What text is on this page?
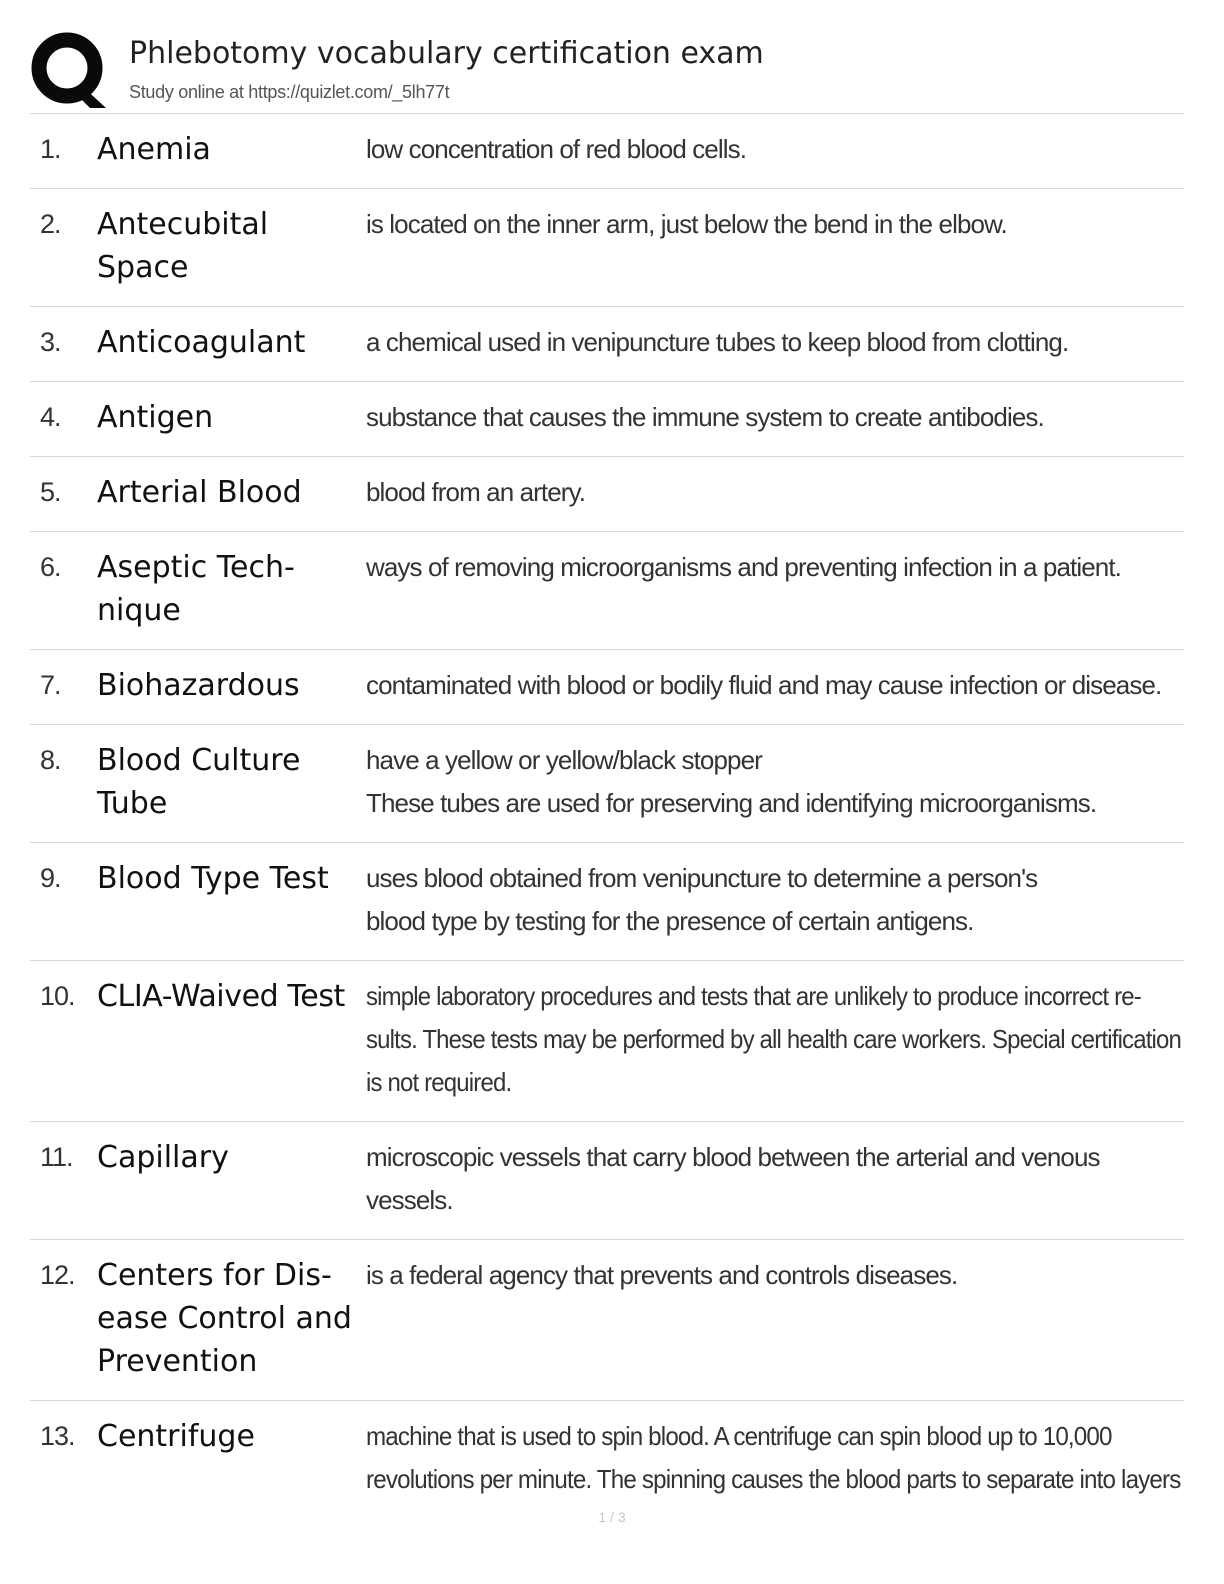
Phlebotomy vocabulary certification exam
Study online at https://quizlet.com/_5lh77t
1. Anemia	low concentration of red blood cells.
2. Antecubital Space
is located on the inner arm, just below the bend in the elbow.
3. Anticoagulant	a chemical used in venipuncture tubes to keep blood from clotting.
4. Antigen	substance that causes the immune system to create antibodies.
5. Arterial Blood	blood from an artery.
6. Aseptic Tech-nique
ways of removing microorganisms and preventing infection in a patient.
7. Biohazardous	contaminated with blood or bodily fluid and may cause infection or disease.
8. Blood Culture Tube
have a yellow or yellow/black stopper
These tubes are used for preserving and identifying microorganisms.
9. Blood Type Test	uses blood obtained from venipuncture to determine a person's
blood type by testing for the presence of certain antigens.
10. CLIA-Waived Test simple laboratory procedures and tests that are unlikely to produce incorrect re-
sults. These tests may be performed by all health care workers. Special certification
is not required.
11. Capillary	microscopic vessels that carry blood between the arterial and venous
vessels.
12. Centers for Dis-ease Control and Prevention
is a federal agency that prevents and controls diseases.
13. Centrifuge	machine that is used to spin blood. A centrifuge can spin blood up to 10,000
revolutions per minute. The spinning causes the blood parts to separate into layers
1 / 3
